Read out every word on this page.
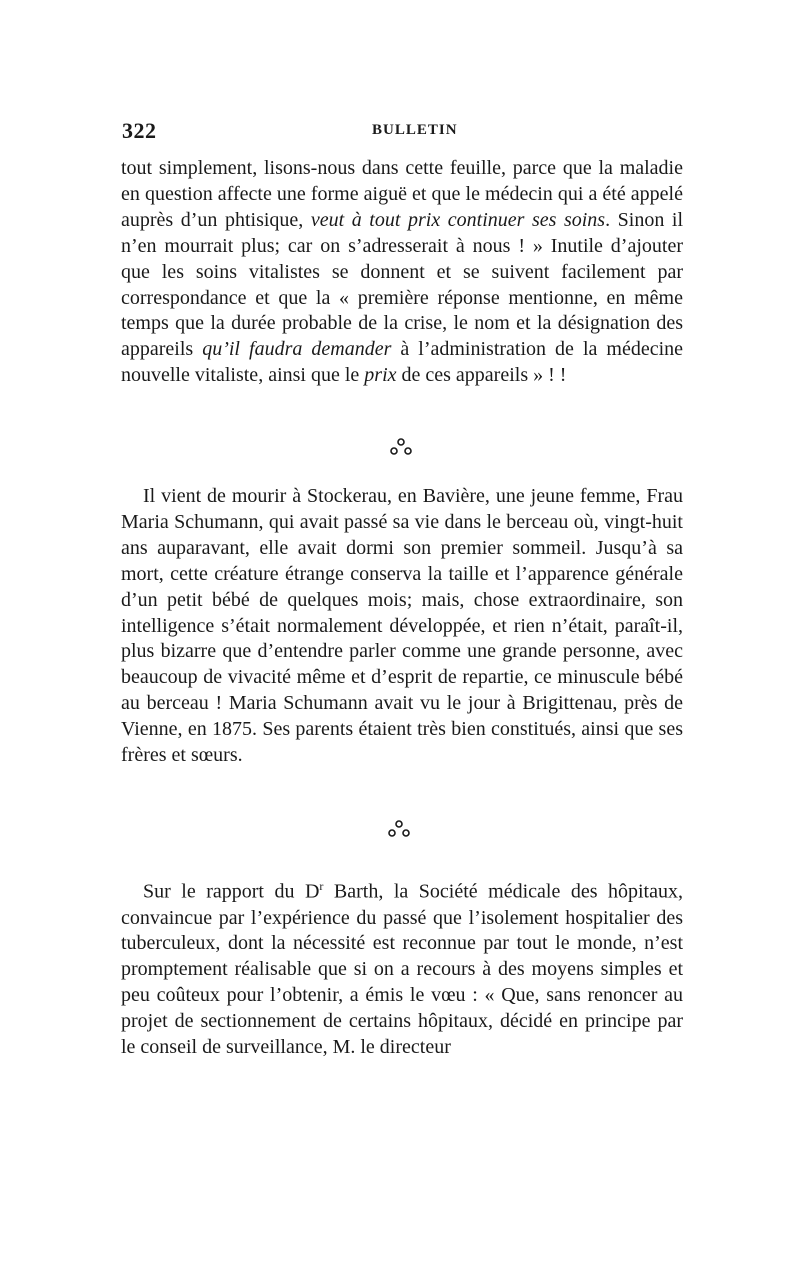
322	BULLETIN

tout simplement, lisons-nous dans cette feuille, parce que la maladie en question affecte une forme aiguë et que le médecin qui a été appelé auprès d’un phtisique, veut à tout prix continuer ses soins. Sinon il n’en mourrait plus; car on s’adresserait à nous ! » Inutile d’ajouter que les soins vitalistes se donnent et se suivent facilement par correspondance et que la « première réponse mentionne, en même temps que la durée probable de la crise, le nom et la désignation des appareils qu’il faudra demander à l’administration de la médecine nouvelle vitaliste, ainsi que le prix de ces appareils » ! !

Il vient de mourir à Stockerau, en Bavière, une jeune femme, Frau Maria Schumann, qui avait passé sa vie dans le berceau où, vingt-huit ans auparavant, elle avait dormi son premier sommeil. Jusqu’à sa mort, cette créature étrange conserva la taille et l’apparence générale d’un petit bébé de quelques mois; mais, chose extraordinaire, son intelligence s’était normalement développée, et rien n’était, paraît-il, plus bizarre que d’entendre parler comme une grande personne, avec beaucoup de vivacité même et d’esprit de repartie, ce minuscule bébé au berceau ! Maria Schumann avait vu le jour à Brigittenau, près de Vienne, en 1875. Ses parents étaient très bien constitués, ainsi que ses frères et sœurs.

Sur le rapport du $D^r$ Barth, la Société médicale des hôpitaux, convaincue par l’expérience du passé que l’isolement hospitalier des tuberculeux, dont la nécessité est reconnue par tout le monde, n’est promptement réalisable que si on a recours à des moyens simples et peu coûteux pour l’obtenir, a émis le vœu : « Que, sans renoncer au projet de sectionnement de certains hôpitaux, décidé en principe par le conseil de surveillance, M. le directeur
